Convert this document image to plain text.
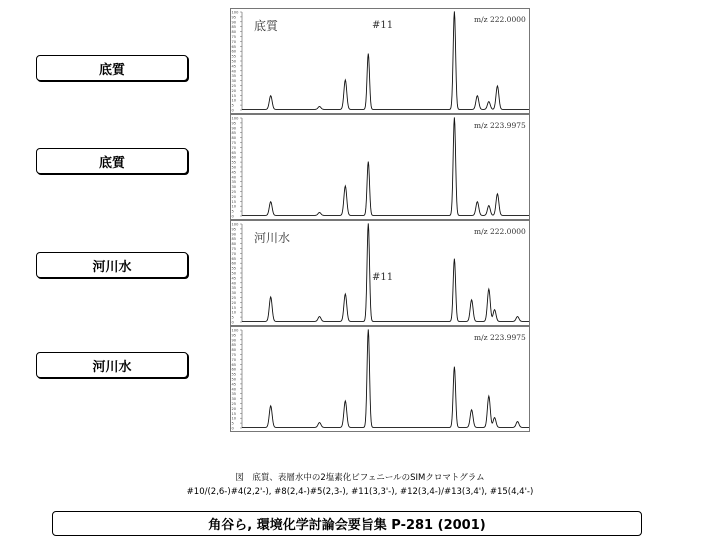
底質
底質
河川水
河川水
0
5
10
15
20
25
30
35
40
45
50
55
60
65
70
75
80
85
90
95
100
底質	#11
m/z 222.0000
0
5
10
15
20
25
30
35
40
45
50
55
60
65
70
75
80
85
90
95
100
m/z 223.9975
0
5
10
15
20
25
30
35
40
45
50
55
60
65
70
75
80
85
90
95
100
河川水
#11
m/z 222.0000
0
5
10
15
20
25
30
35
40
45
50
55
60
65
70
75
80
85
90
95
100
m/z 223.9975
図　底質、表層水中の2塩素化ビフェニールのSIMクロマトグラム
#10/(2,6-)#4(2,2'-), #8(2,4-)#5(2,3-), #11(3,3'-), #12(3,4-)/#13(3,4'), #15(4,4'-)
角谷ら, 環境化学討論会要旨集 P-281 (2001)
